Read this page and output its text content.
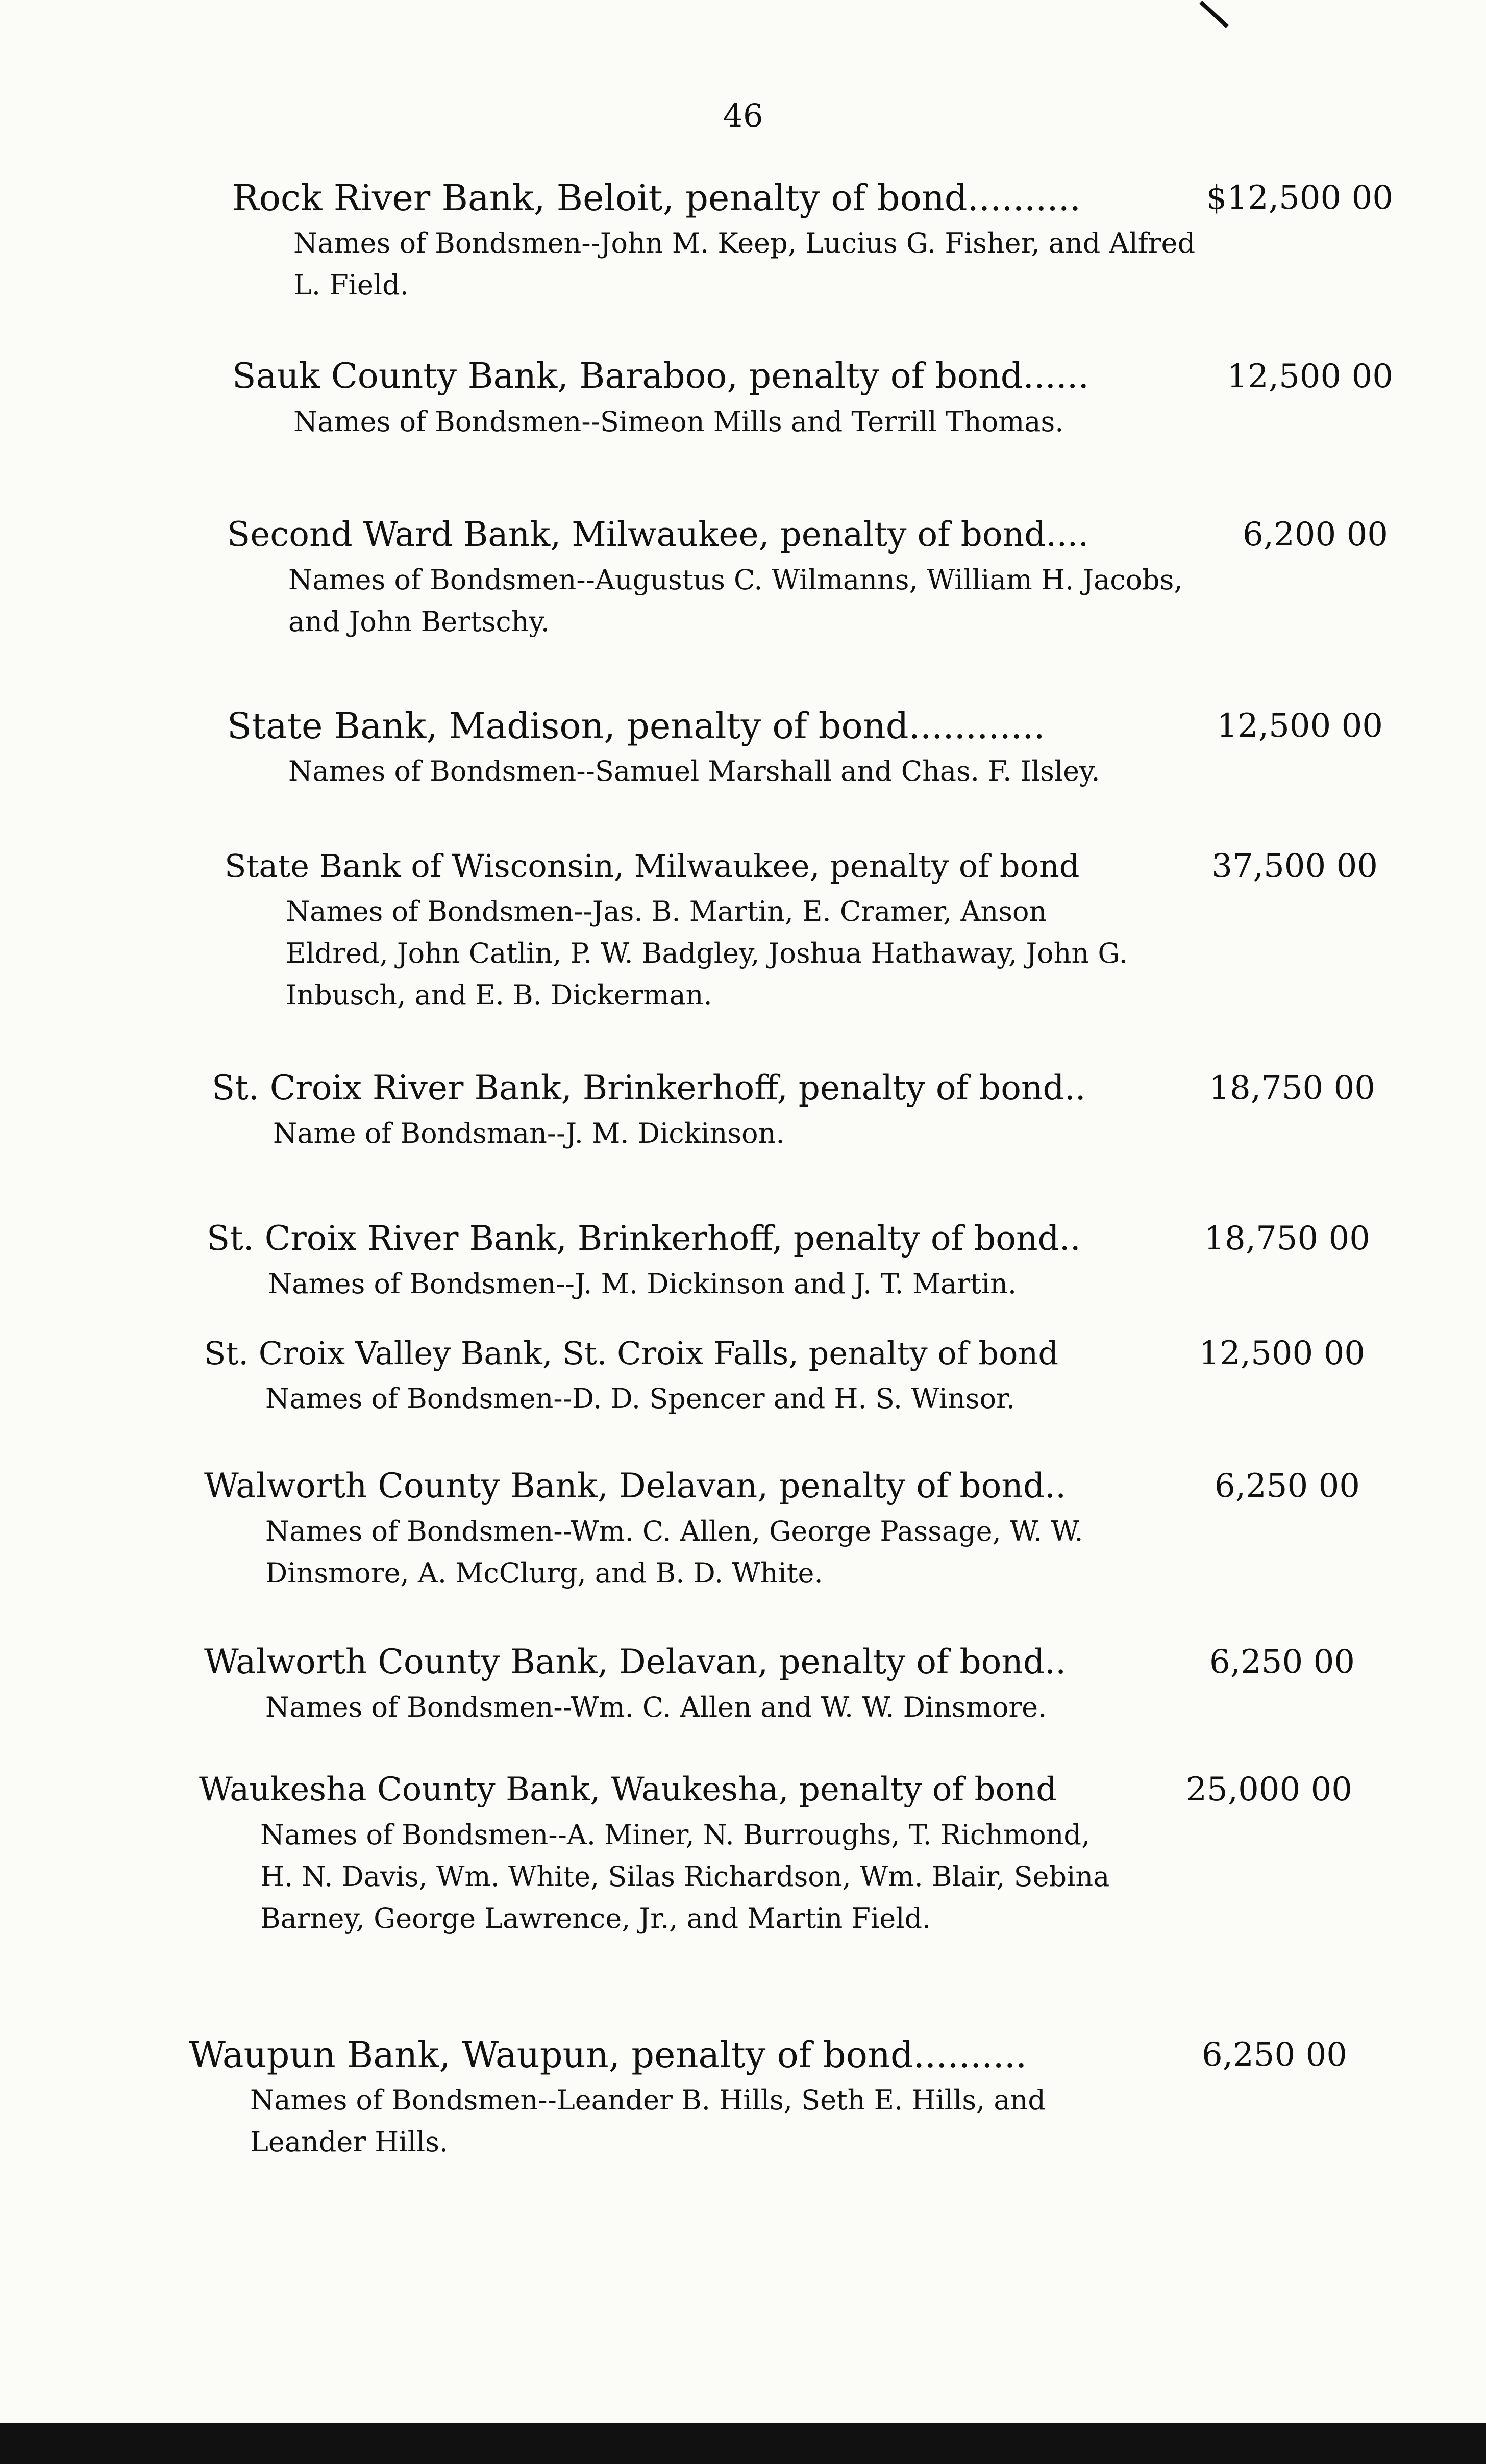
46
Rock River Bank, Beloit, penalty of bond..........	$12,500 00
Names of Bondsmen--John M. Keep, Lucius G. Fisher, and Alfred L. Field.
Sauk County Bank, Baraboo, penalty of bond......	12,500 00
Names of Bondsmen--Simeon Mills and Terrill Thomas.
Second Ward Bank, Milwaukee, penalty of bond....	6,200 00
Names of Bondsmen--Augustus C. Wilmanns, William H. Jacobs, and John Bertschy.
State Bank, Madison, penalty of bond............	12,500 00
Names of Bondsmen--Samuel Marshall and Chas. F. Ilsley.
State Bank of Wisconsin, Milwaukee, penalty of bond	37,500 00
Names of Bondsmen--Jas. B. Martin, E. Cramer, Anson Eldred, John Catlin, P. W. Badgley, Joshua Hathaway, John G. Inbusch, and E. B. Dickerman.
St. Croix River Bank, Brinkerhoff, penalty of bond..	18,750 00
Name of Bondsman--J. M. Dickinson.
St. Croix River Bank, Brinkerhoff, penalty of bond..	18,750 00
Names of Bondsmen--J. M. Dickinson and J. T. Martin.
St. Croix Valley Bank, St. Croix Falls, penalty of bond	12,500 00
Names of Bondsmen--D. D. Spencer and H. S. Winsor.
Walworth County Bank, Delavan, penalty of bond..	6,250 00
Names of Bondsmen--Wm. C. Allen, George Passage, W. W. Dinsmore, A. McClurg, and B. D. White.
Walworth County Bank, Delavan, penalty of bond..	6,250 00
Names of Bondsmen--Wm. C. Allen and W. W. Dinsmore.
Waukesha County Bank, Waukesha, penalty of bond	25,000 00
Names of Bondsmen--A. Miner, N. Burroughs, T. Richmond, H. N. Davis, Wm. White, Silas Richardson, Wm. Blair, Sebina Barney, George Lawrence, Jr., and Martin Field.
Waupun Bank, Waupun, penalty of bond..........	6,250 00
Names of Bondsmen--Leander B. Hills, Seth E. Hills, and Leander Hills.
